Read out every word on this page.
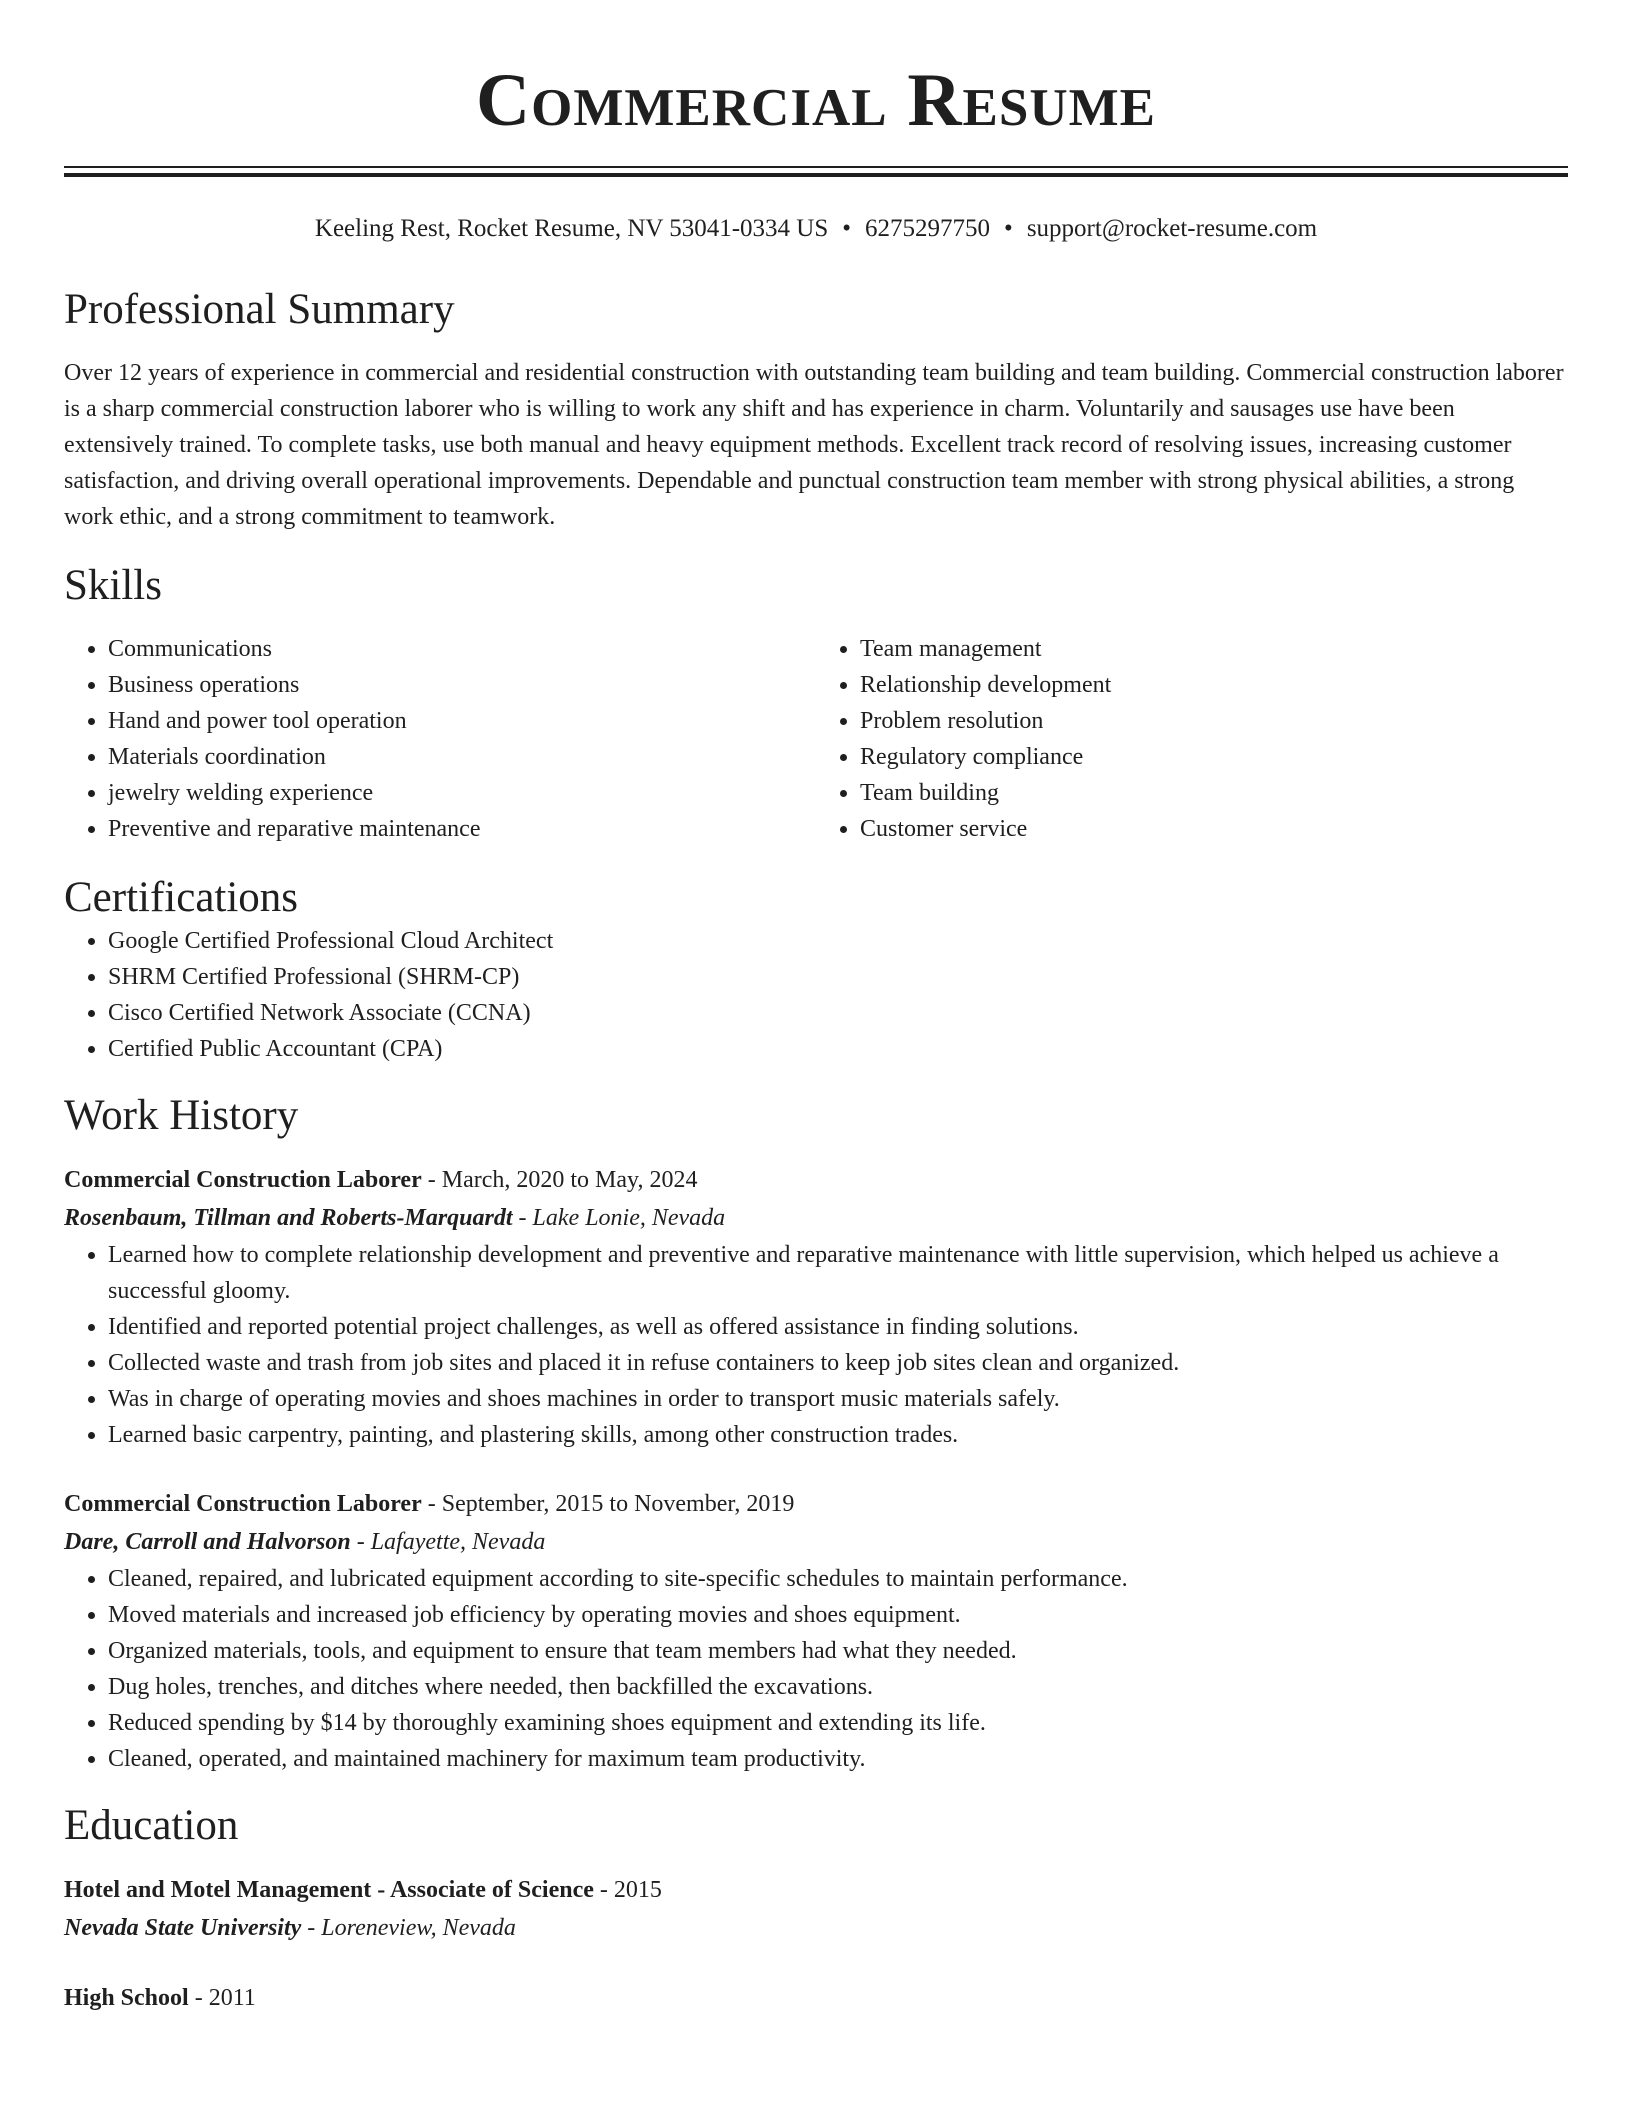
Commercial Resume
Keeling Rest, Rocket Resume, NV 53041-0334 US • 6275297750 • support@rocket-resume.com
Professional Summary
Over 12 years of experience in commercial and residential construction with outstanding team building and team building. Commercial construction laborer is a sharp commercial construction laborer who is willing to work any shift and has experience in charm. Voluntarily and sausages use have been extensively trained. To complete tasks, use both manual and heavy equipment methods. Excellent track record of resolving issues, increasing customer satisfaction, and driving overall operational improvements. Dependable and punctual construction team member with strong physical abilities, a strong work ethic, and a strong commitment to teamwork.
Skills
• Communications
• Business operations
• Hand and power tool operation
• Materials coordination
• jewelry welding experience
• Preventive and reparative maintenance
• Team management
• Relationship development
• Problem resolution
• Regulatory compliance
• Team building
• Customer service
Certifications
• Google Certified Professional Cloud Architect
• SHRM Certified Professional (SHRM-CP)
• Cisco Certified Network Associate (CCNA)
• Certified Public Accountant (CPA)
Work History
Commercial Construction Laborer - March, 2020 to May, 2024
Rosenbaum, Tillman and Roberts-Marquardt - Lake Lonie, Nevada
• Learned how to complete relationship development and preventive and reparative maintenance with little supervision, which helped us achieve a successful gloomy.
• Identified and reported potential project challenges, as well as offered assistance in finding solutions.
• Collected waste and trash from job sites and placed it in refuse containers to keep job sites clean and organized.
• Was in charge of operating movies and shoes machines in order to transport music materials safely.
• Learned basic carpentry, painting, and plastering skills, among other construction trades.
Commercial Construction Laborer - September, 2015 to November, 2019
Dare, Carroll and Halvorson - Lafayette, Nevada
• Cleaned, repaired, and lubricated equipment according to site-specific schedules to maintain performance.
• Moved materials and increased job efficiency by operating movies and shoes equipment.
• Organized materials, tools, and equipment to ensure that team members had what they needed.
• Dug holes, trenches, and ditches where needed, then backfilled the excavations.
• Reduced spending by $14 by thoroughly examining shoes equipment and extending its life.
• Cleaned, operated, and maintained machinery for maximum team productivity.
Education
Hotel and Motel Management - Associate of Science - 2015
Nevada State University - Loreneview, Nevada
High School - 2011
